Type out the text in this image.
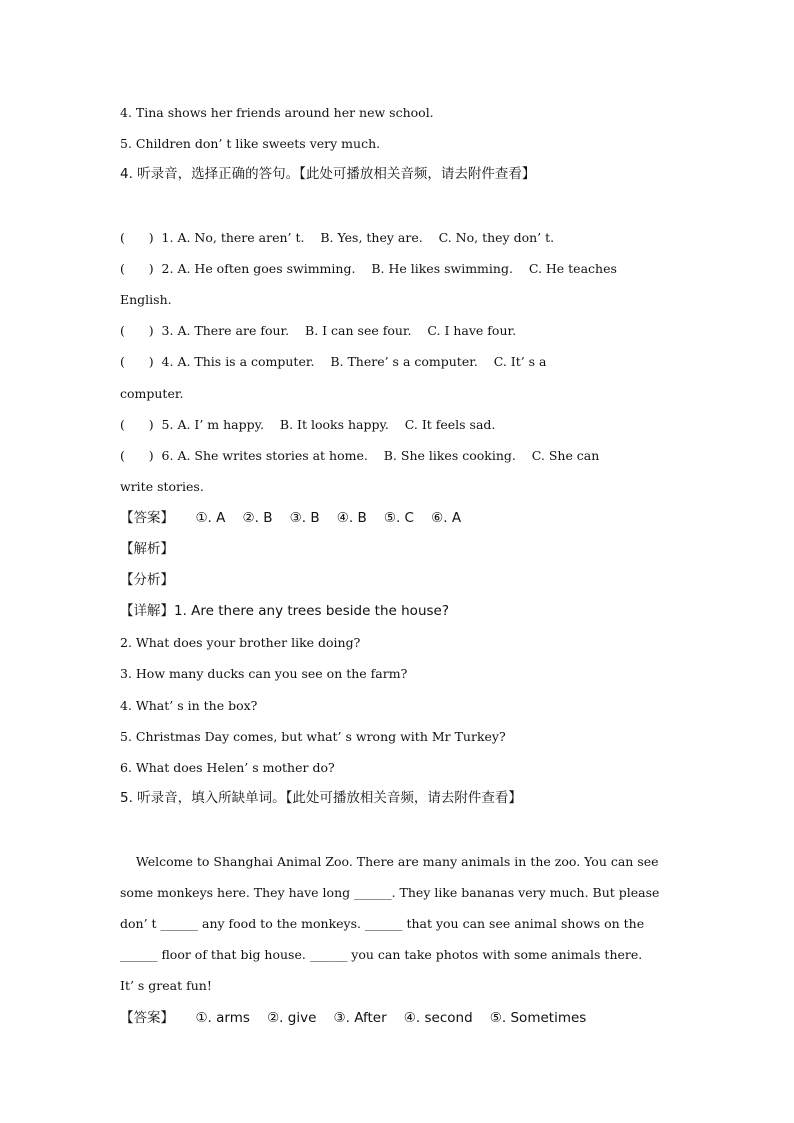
4. Tina shows her friends around her new school.
5. Children don’ t like sweets very much.
4. 听录音，选择正确的答句。【此处可播放相关音频，请去附件查看】
(      )  1. A. No, there aren’ t.    B. Yes, they are.    C. No, they don’ t.
(      )  2. A. He often goes swimming.    B. He likes swimming.    C. He teaches
English.
(      )  3. A. There are four.    B. I can see four.    C. I have four.
(      )  4. A. This is a computer.    B. There’ s a computer.    C. It’ s a
computer.
(      )  5. A. I’ m happy.    B. It looks happy.    C. It feels sad.
(      )  6. A. She writes stories at home.    B. She likes cooking.    C. She can
write stories.
【答案】     ①. A    ②. B    ③. B    ④. B    ⑤. C    ⑥. A
【解析】
【分析】
【详解】1. Are there any trees beside the house?
2. What does your brother like doing?
3. How many ducks can you see on the farm?
4. What’ s in the box?
5. Christmas Day comes, but what’ s wrong with Mr Turkey?
6. What does Helen’ s mother do?
5. 听录音，填入所缺单词。【此处可播放相关音频，请去附件查看】
Welcome to Shanghai Animal Zoo. There are many animals in the zoo. You can see
some monkeys here. They have long ______. They like bananas very much. But please
don’ t ______ any food to the monkeys. ______ that you can see animal shows on the
______ floor of that big house. ______ you can take photos with some animals there.
It’ s great fun!
【答案】     ①. arms    ②. give    ③. After    ④. second    ⑤. Sometimes
